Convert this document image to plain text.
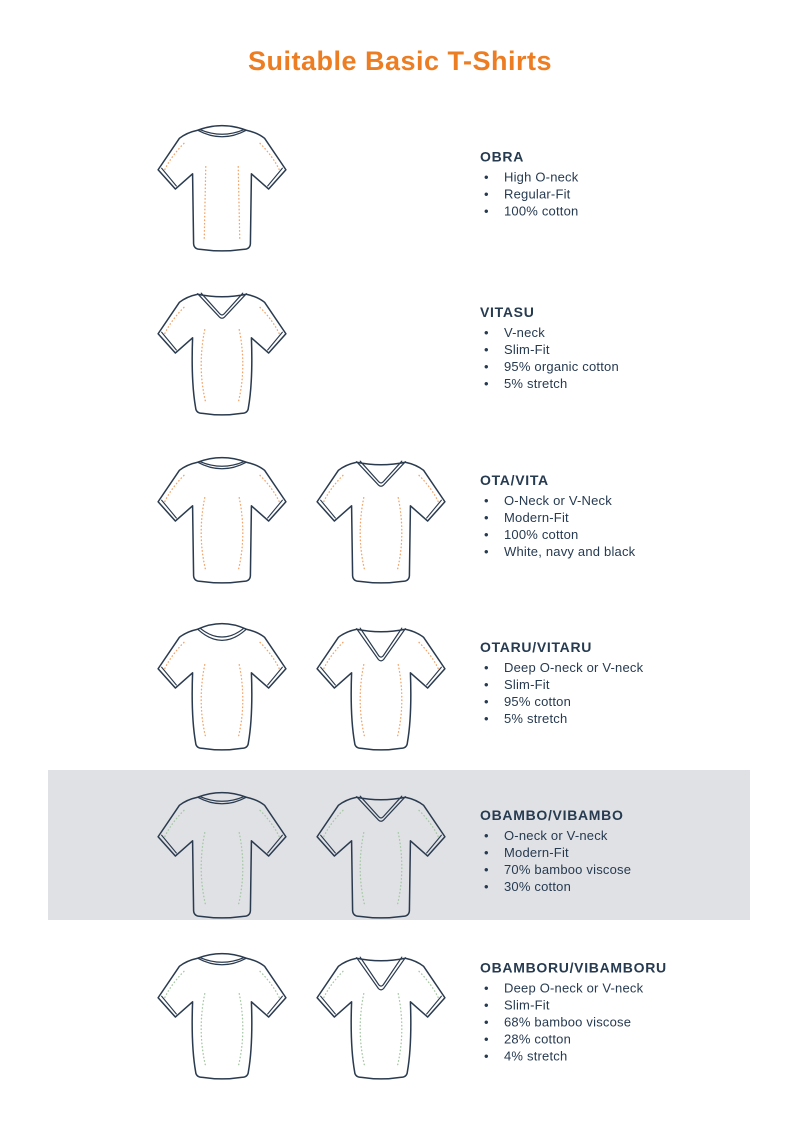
Suitable Basic T-Shirts
OBRA
•	High O-neck
•	Regular-Fit
•	100% cotton
VITASU
•	V-neck
•	Slim-Fit
•	95% organic cotton
•	5% stretch
OTA/VITA
•	O-Neck or V-Neck
•	Modern-Fit
•	100% cotton
•	White, navy and black
OTARU/VITARU
•	Deep O-neck or V-neck
•	Slim-Fit
•	95% cotton
•	5% stretch
OBAMBO/VIBAMBO
•	O-neck or V-neck
•	Modern-Fit
•	70% bamboo viscose
•	30% cotton
OBAMBORU/VIBAMBORU
•	Deep O-neck or V-neck
•	Slim-Fit
•	68% bamboo viscose
•	28% cotton
•	4% stretch
